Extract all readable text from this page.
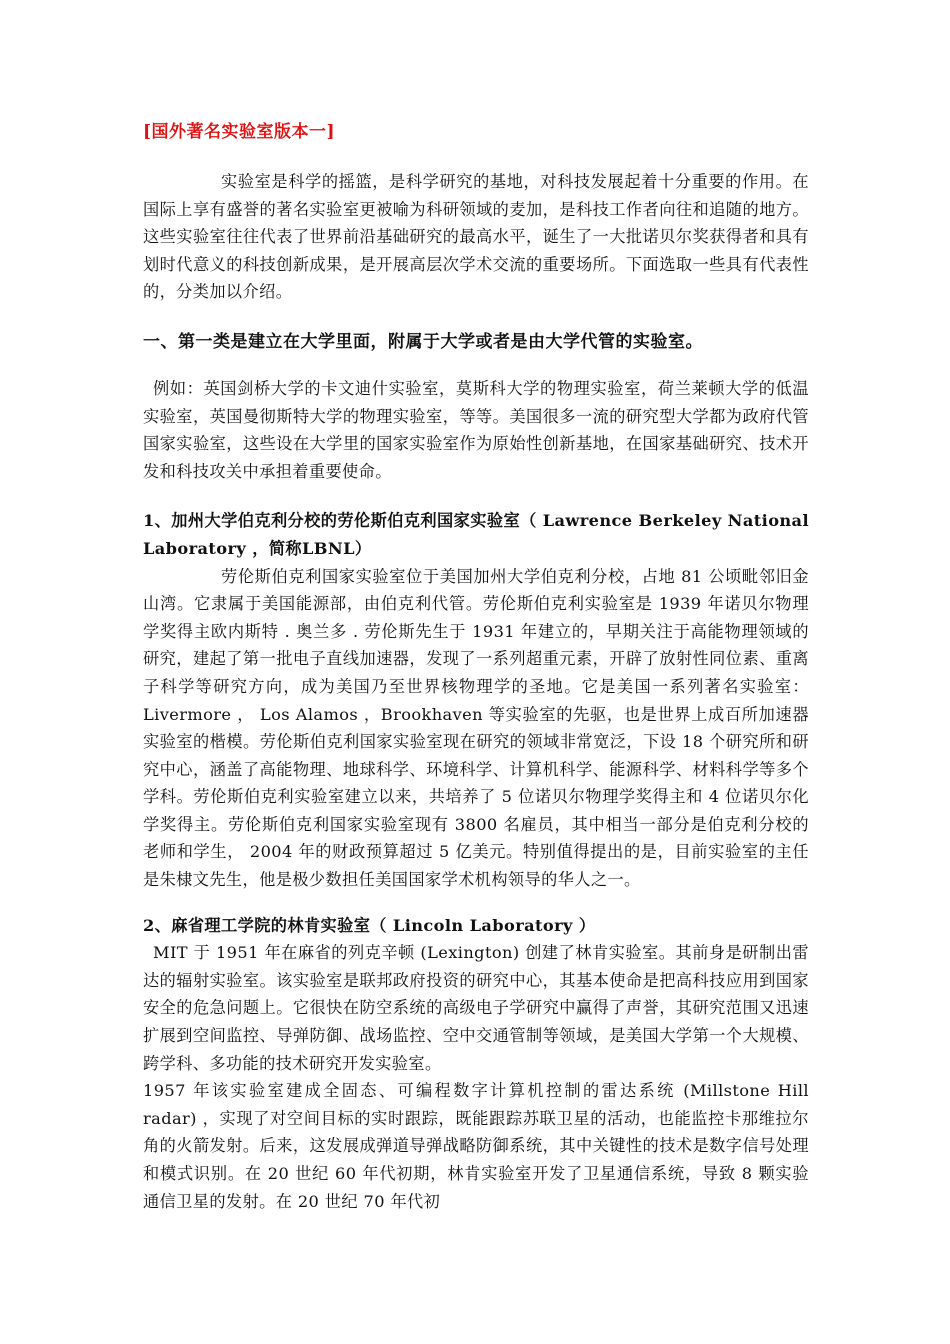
[国外著名实验室版本一]

实验室是科学的摇篮，是科学研究的基地，对科技发展起着十分重要的作用。在国际上享有盛誉的著名实验室更被喻为科研领域的麦加，是科技工作者向往和追随的地方。这些实验室往往代表了世界前沿基础研究的最高水平，诞生了一大批诺贝尔奖获得者和具有划时代意义的科技创新成果，是开展高层次学术交流的重要场所。下面选取一些具有代表性的，分类加以介绍。

一、第一类是建立在大学里面，附属于大学或者是由大学代管的实验室。

例如：英国剑桥大学的卡文迪什实验室，莫斯科大学的物理实验室，荷兰莱顿大学的低温实验室，英国曼彻斯特大学的物理实验室，等等。美国很多一流的研究型大学都为政府代管国家实验室，这些设在大学里的国家实验室作为原始性创新基地，在国家基础研究、技术开发和科技攻关中承担着重要使命。

1、加州大学伯克利分校的劳伦斯伯克利国家实验室（ Lawrence Berkeley National Laboratory ，简称LBNL）

劳伦斯伯克利国家实验室位于美国加州大学伯克利分校，占地 81 公顷毗邻旧金山湾。它隶属于美国能源部，由伯克利代管。劳伦斯伯克利实验室是 1939 年诺贝尔物理学奖得主欧内斯特 . 奥兰多 . 劳伦斯先生于 1931 年建立的，早期关注于高能物理领域的研究，建起了第一批电子直线加速器，发现了一系列超重元素，开辟了放射性同位素、重离子科学等研究方向，成为美国乃至世界核物理学的圣地。它是美国一系列著名实验室： Livermore ， Los Alamos ，Brookhaven 等实验室的先驱，也是世界上成百所加速器实验室的楷模。劳伦斯伯克利国家实验室现在研究的领域非常宽泛，下设 18 个研究所和研究中心，涵盖了高能物理、地球科学、环境科学、计算机科学、能源科学、材料科学等多个学科。劳伦斯伯克利实验室建立以来，共培养了 5 位诺贝尔物理学奖得主和 4 位诺贝尔化学奖得主。劳伦斯伯克利国家实验室现有 3800 名雇员，其中相当一部分是伯克利分校的老师和学生， 2004 年的财政预算超过 5 亿美元。特别值得提出的是，目前实验室的主任是朱棣文先生，他是极少数担任美国国家学术机构领导的华人之一。

2、麻省理工学院的林肯实验室（ Lincoln Laboratory ）

MIT 于 1951 年在麻省的列克辛顿 (Lexington) 创建了林肯实验室。其前身是研制出雷达的辐射实验室。该实验室是联邦政府投资的研究中心，其基本使命是把高科技应用到国家安全的危急问题上。它很快在防空系统的高级电子学研究中赢得了声誉，其研究范围又迅速扩展到空间监控、导弹防御、战场监控、空中交通管制等领域，是美国大学第一个大规模、跨学科、多功能的技术研究开发实验室。

1957 年该实验室建成全固态、可编程数字计算机控制的雷达系统 (Millstone Hill radar) ，实现了对空间目标的实时跟踪，既能跟踪苏联卫星的活动，也能监控卡那维拉尔角的火箭发射。后来，这发展成弹道导弹战略防御系统，其中关键性的技术是数字信号处理和模式识别。在 20 世纪 60 年代初期，林肯实验室开发了卫星通信系统，导致 8 颗实验通信卫星的发射。在 20 世纪 70 年代初
